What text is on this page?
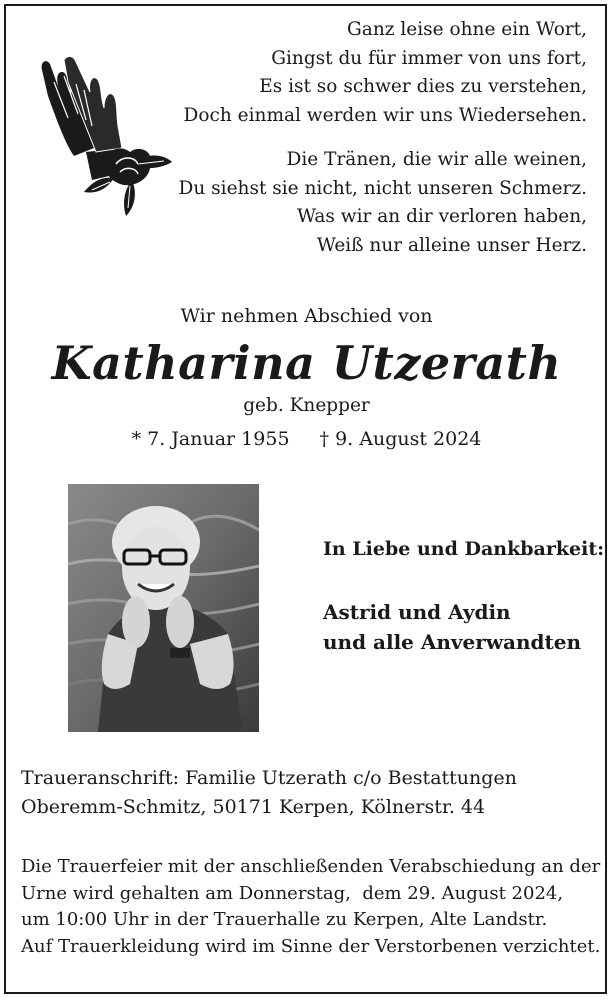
Ganz leise ohne ein Wort,
Gingst du für immer von uns fort,
Es ist so schwer dies zu verstehen,
Doch einmal werden wir uns Wiedersehen.
Die Tränen, die wir alle weinen,
Du siehst sie nicht, nicht unseren Schmerz.
Was wir an dir verloren haben,
Weiß nur alleine unser Herz.
Wir nehmen Abschied von
Katharina Utzerath
geb. Knepper
* 7. Januar 1955 † 9. August 2024
In Liebe und Dankbarkeit:
Astrid und Aydin
und alle Anverwandten
Traueranschrift: Familie Utzerath c/o Bestattungen
Oberemm-Schmitz, 50171 Kerpen, Kölnerstr. 44
Die Trauerfeier mit der anschließenden Verabschiedung an der
Urne wird gehalten am Donnerstag,  dem 29. August 2024,
um 10:00 Uhr in der Trauerhalle zu Kerpen, Alte Landstr.
Auf Trauerkleidung wird im Sinne der Verstorbenen verzichtet.
